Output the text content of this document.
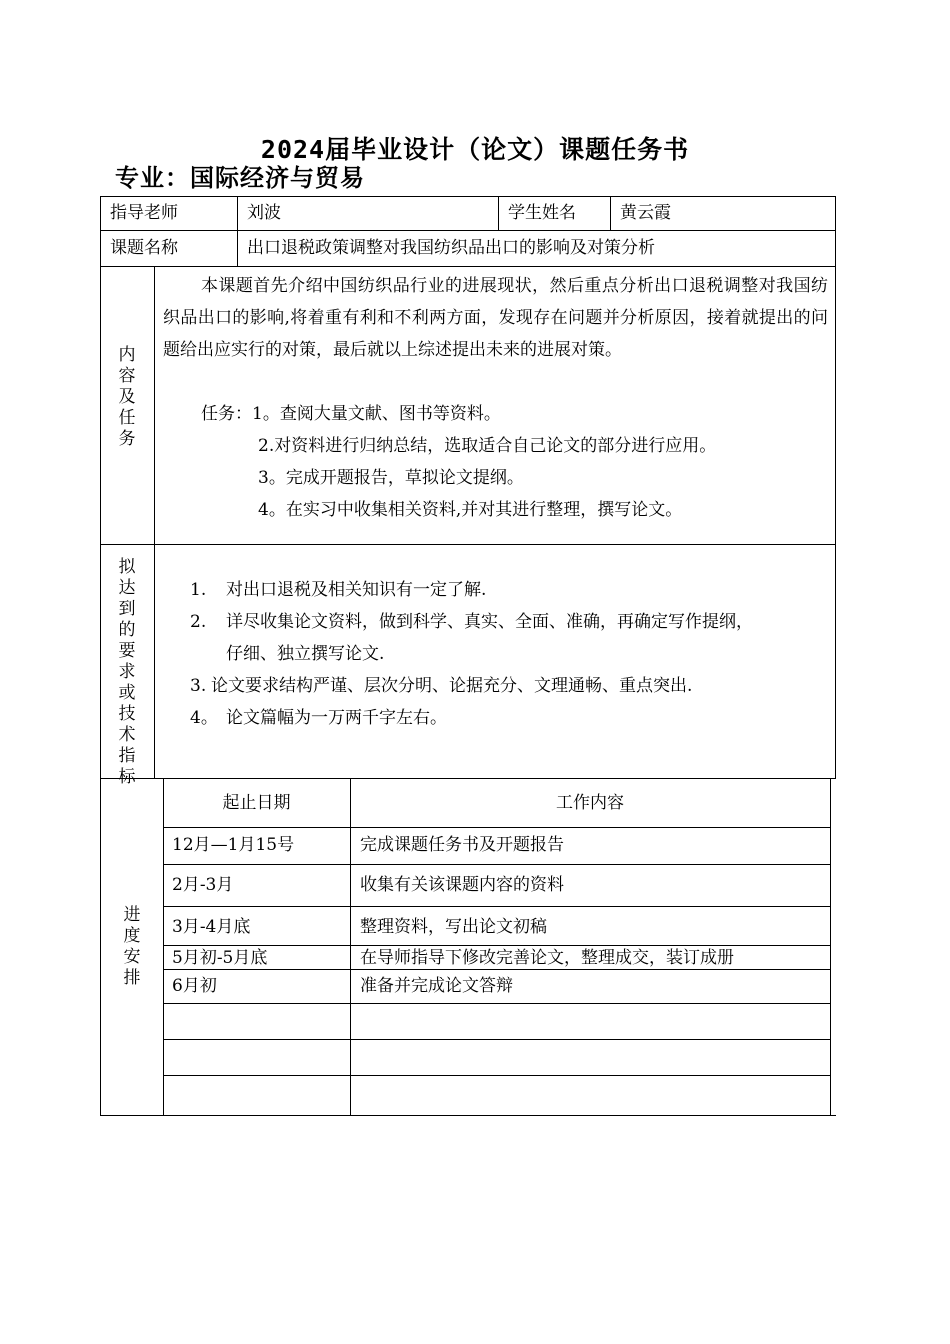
2024届毕业设计（论文）课题任务书
专业：国际经济与贸易
指导老师	刘波	学生姓名	黄云霞
课题名称	出口退税政策调整对我国纺织品出口的影响及对策分析
内容及任务
本课题首先介绍中国纺织品行业的进展现状，然后重点分析出口退税调整对我国纺织品出口的影响,将着重有利和不利两方面，发现存在问题并分析原因，接着就提出的问题给出应实行的对策，最后就以上综述提出未来的进展对策。
任务：1。查阅大量文献、图书等资料。
2.对资料进行归纳总结，选取适合自己论文的部分进行应用。
3。完成开题报告，草拟论文提纲。
4。在实习中收集相关资料,并对其进行整理，撰写论文。
拟达到的要求或技术指标
1. 对出口退税及相关知识有一定了解.
2. 详尽收集论文资料，做到科学、真实、全面、准确，再确定写作提纲，
仔细、独立撰写论文.
3. 论文要求结构严谨、层次分明、论据充分、文理通畅、重点突出.
4。 论文篇幅为一万两千字左右。
进度安排
起止日期	工作内容
12月—1月15号	完成课题任务书及开题报告
2月-3月	收集有关该课题内容的资料
3月-4月底	整理资料，写出论文初稿
5月初-5月底	在导师指导下修改完善论文，整理成交，装订成册
6月初	准备并完成论文答辩
